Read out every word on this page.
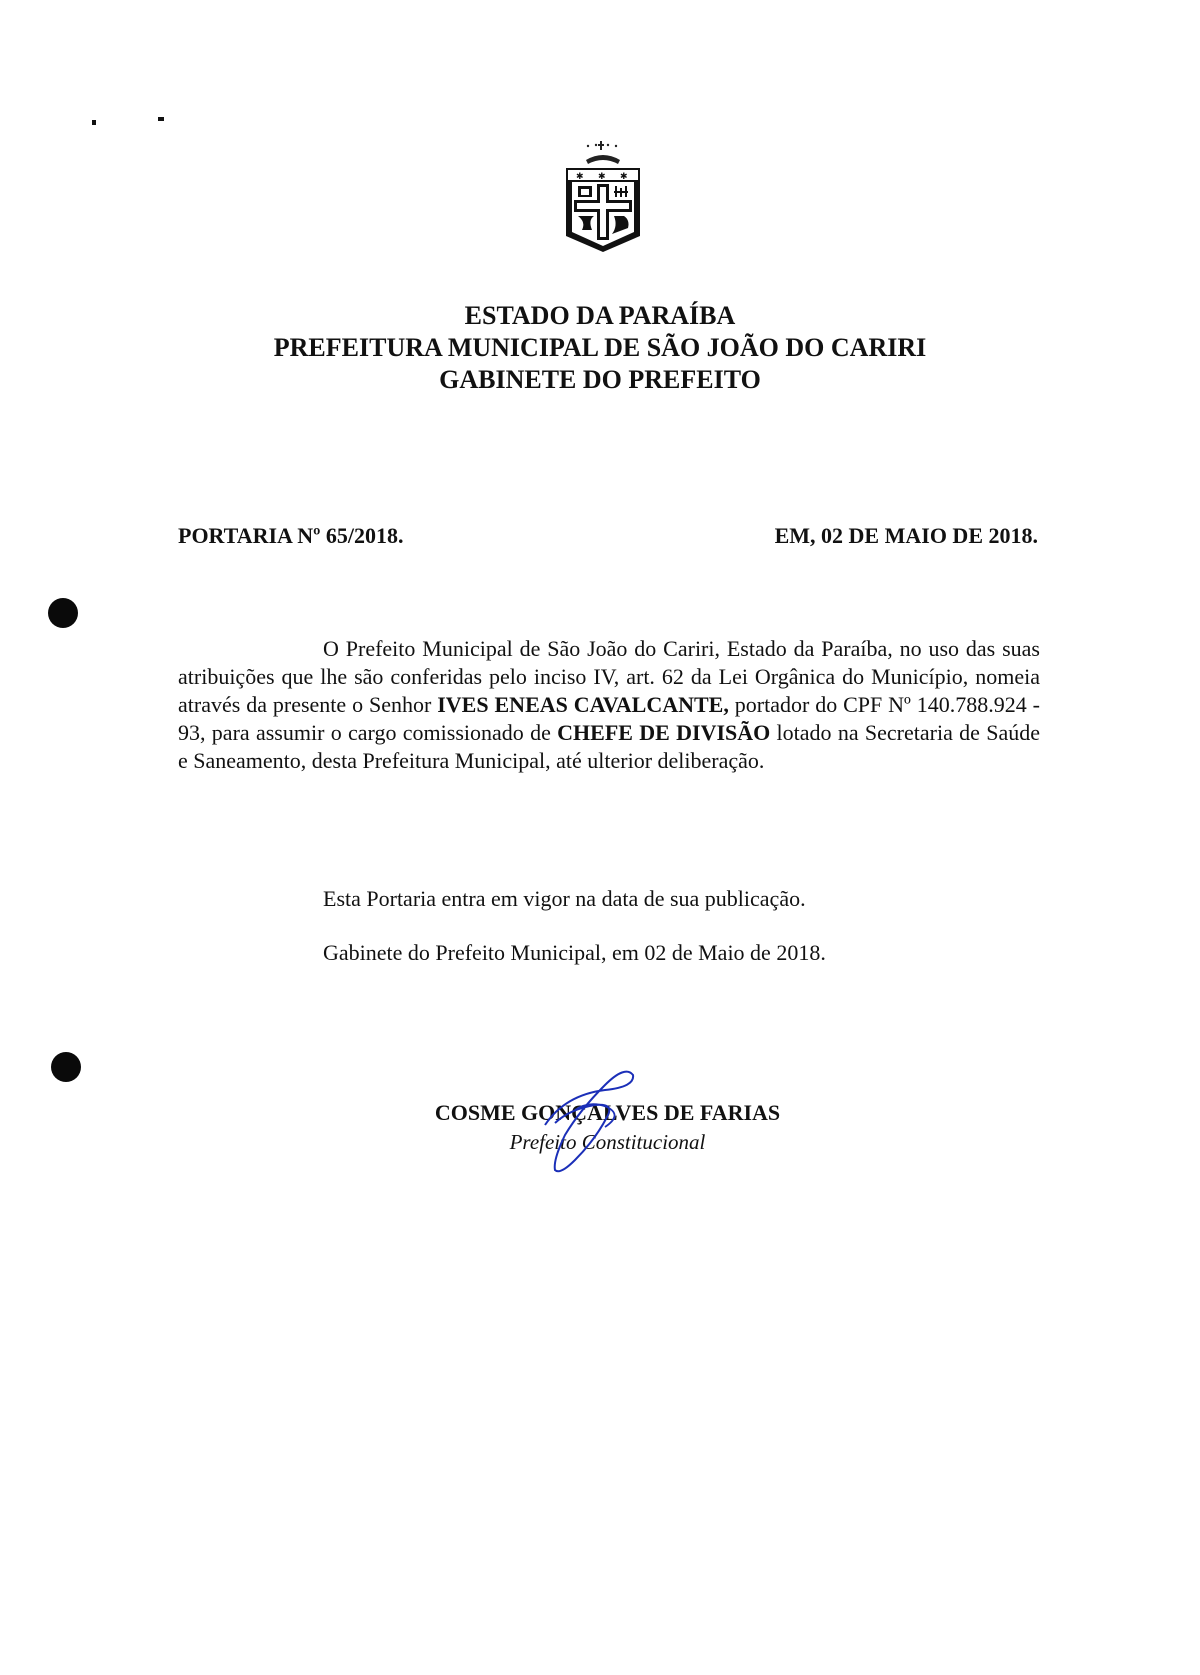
✱ ✱ ✱
ESTADO DA PARAÍBA
PREFEITURA MUNICIPAL DE SÃO JOÃO DO CARIRI
GABINETE DO PREFEITO
PORTARIA Nº 65/2018.	EM, 02 DE MAIO DE 2018.
O Prefeito Municipal de São João do Cariri, Estado da Paraíba, no uso das suas atribuições que lhe são conferidas pelo inciso IV, art. 62 da Lei Orgânica do Município, nomeia através da presente o Senhor IVES ENEAS CAVALCANTE, portador do CPF Nº 140.788.924 - 93, para assumir o cargo comissionado de CHEFE DE DIVISÃO lotado na Secretaria de Saúde e Saneamento, desta Prefeitura Municipal, até ulterior deliberação.
Esta Portaria entra em vigor na data de sua publicação.
Gabinete do Prefeito Municipal, em 02 de Maio de 2018.
COSME GONÇALVES DE FARIAS
Prefeito Constitucional
